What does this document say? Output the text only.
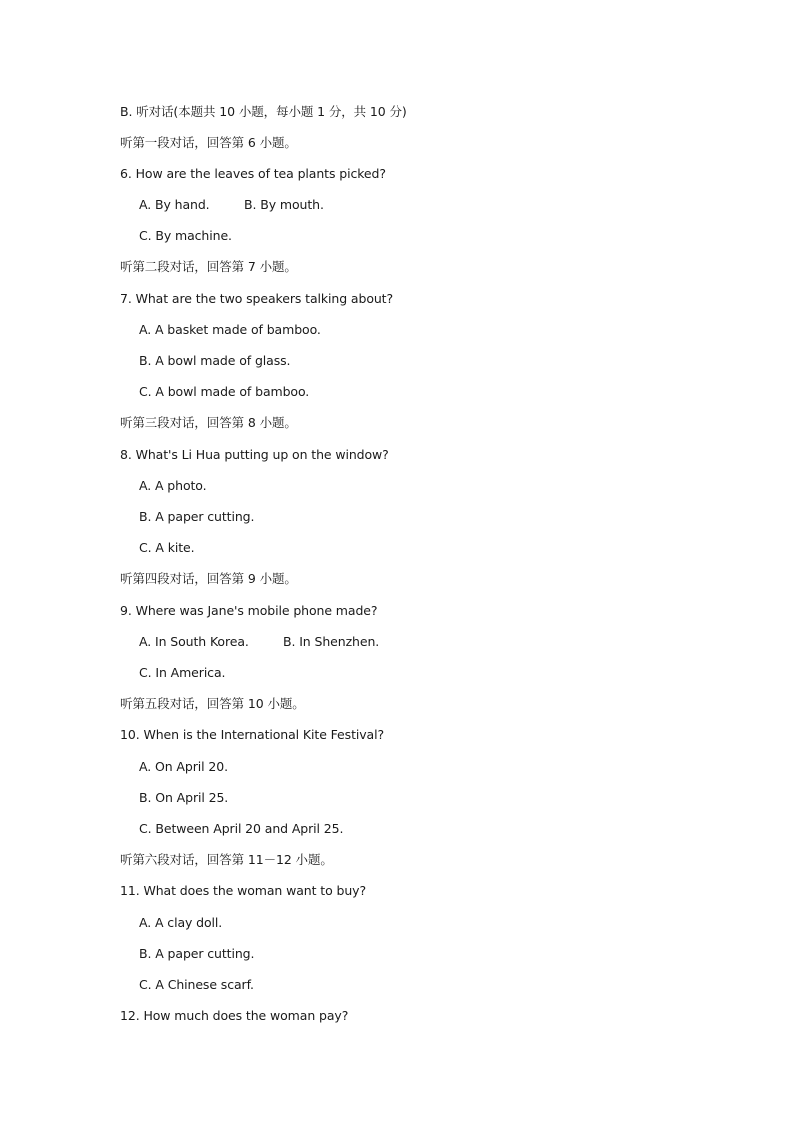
B. 听对话(本题共 10 小题，每小题 1 分，共 10 分)
听第一段对话，回答第 6 小题。
6. How are the leaves of tea plants picked?
A. By hand.	B. By mouth.
C. By machine.
听第二段对话，回答第 7 小题。
7. What are the two speakers talking about?
A. A basket made of bamboo.
B. A bowl made of glass.
C. A bowl made of bamboo.
听第三段对话，回答第 8 小题。
8. What's Li Hua putting up on the window?
A. A photo.
B. A paper cutting.
C. A kite.
听第四段对话，回答第 9 小题。
9. Where was Jane's mobile phone made?
A. In South Korea.	B. In Shenzhen.
C. In America.
听第五段对话，回答第 10 小题。
10. When is the International Kite Festival?
A. On April 20.
B. On April 25.
C. Between April 20 and April 25.
听第六段对话，回答第 11－12 小题。
11. What does the woman want to buy?
A. A clay doll.
B. A paper cutting.
C. A Chinese scarf.
12. How much does the woman pay?
